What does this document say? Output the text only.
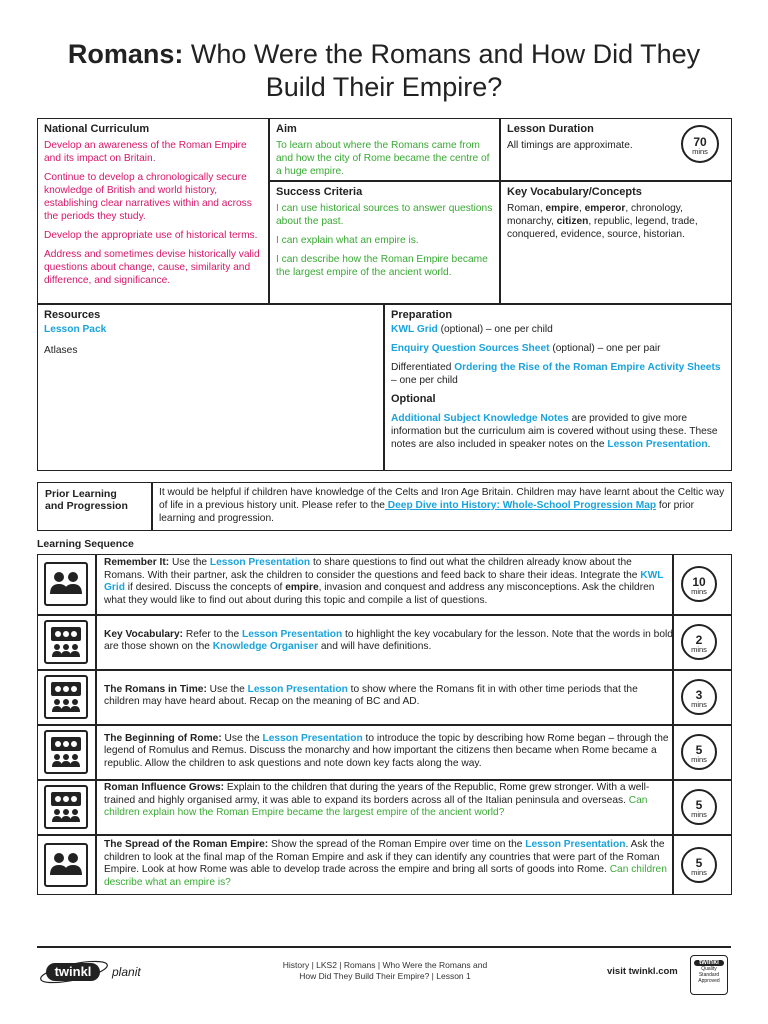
Romans: Who Were the Romans and How Did They
Build Their Empire?
National Curriculum
Develop an awareness of the Roman Empire and its impact on Britain.
Continue to develop a chronologically secure knowledge of British and world history, establishing clear narratives within and across the periods they study.
Develop the appropriate use of historical terms.
Address and sometimes devise historically valid questions about change, cause, similarity and difference, and significance.
Aim
To learn about where the Romans came from and how the city of Rome became the centre of a huge empire.
Success Criteria
I can use historical sources to answer questions about the past.
I can explain what an empire is.
I can describe how the Roman Empire became the largest empire of the ancient world.
Lesson Duration
All timings are approximate.	70
mins
Key Vocabulary/Concepts
Roman, empire, emperor, chronology, monarchy, citizen, republic, legend, trade, conquered, evidence, source, historian.
Resources
Lesson Pack
Atlases
Preparation
KWL Grid (optional) – one per child
Enquiry Question Sources Sheet (optional) – one per pair
Differentiated Ordering the Rise of the Roman Empire Activity Sheets – one per child
Optional
Additional Subject Knowledge Notes are provided to give more information but the curriculum aim is covered without using these. These notes are also included in speaker notes on the Lesson Presentation.
Prior Learning
and Progression
It would be helpful if children have knowledge of the Celts and Iron Age Britain. Children may have learnt about the Celtic way of life in a previous history unit. Please refer to the Deep Dive into History: Whole-School Progression Map for prior learning and progression.
Learning Sequence
Remember It: Use the Lesson Presentation to share questions to find out what the children already know about the Romans. With their partner, ask the children to consider the questions and feed back to share their ideas. Integrate the KWL Grid if desired. Discuss the concepts of empire, invasion and conquest and address any misconceptions. Ask the children what they would like to find out about during this topic and compile a list of questions.
10
mins
Key Vocabulary: Refer to the Lesson Presentation to highlight the key vocabulary for the lesson. Note that the words in bold are those shown on the Knowledge Organiser and will have definitions.
2
mins
The Romans in Time: Use the Lesson Presentation to show where the Romans fit in with other time periods that the children may have heard about. Recap on the meaning of BC and AD.
3
mins
The Beginning of Rome: Use the Lesson Presentation to introduce the topic by describing how Rome began – through the legend of Romulus and Remus. Discuss the monarchy and how important the citizens then became when Rome became a republic. Allow the children to ask questions and note down key facts along the way.
5
mins
Roman Influence Grows: Explain to the children that during the years of the Republic, Rome grew stronger. With a well-trained and highly organised army, it was able to expand its borders across all of the Italian peninsula and overseas. Can children explain how the Roman Empire became the largest empire of the ancient world?
5
mins
The Spread of the Roman Empire: Show the spread of the Roman Empire over time on the Lesson Presentation. Ask the children to look at the final map of the Roman Empire and ask if they can identify any countries that were part of the Roman Empire. Look at how Rome was able to develop trade across the empire and bring all sorts of goods into Rome. Can children describe what an empire is?
5
mins
twinkl planit	History | LKS2 | Romans | Who Were the Romans and
How Did They Build Their Empire? | Lesson 1	visit twinkl.com
twinkl
Quality Standard Approved
